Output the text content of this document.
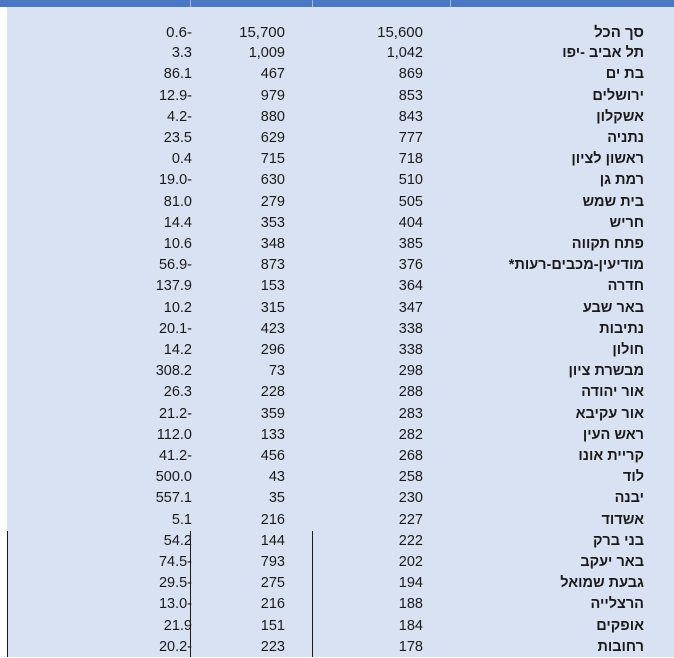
0.6-	15,700	15,600	סך הכל
3.3	1,009	1,042	תל אביב -יפו
86.1	467	869	בת ים
12.9-	979	853	ירושלים
4.2-	880	843	אשקלון
23.5	629	777	נתניה
0.4	715	718	ראשון לציון
19.0-	630	510	רמת גן
81.0	279	505	בית שמש
14.4	353	404	חריש
10.6	348	385	פתח תקווה
56.9-	873	376	מודיעין-מכבים-רעות*
137.9	153	364	חדרה
10.2	315	347	באר שבע
20.1-	423	338	נתיבות
14.2	296	338	חולון
308.2	73	298	מבשרת ציון
26.3	228	288	אור יהודה
21.2-	359	283	אור עקיבא
112.0	133	282	ראש העין
41.2-	456	268	קריית אונו
500.0	43	258	לוד
557.1	35	230	יבנה
5.1	216	227	אשדוד
54.2	144	222	בני ברק
74.5-	793	202	באר יעקב
29.5-	275	194	גבעת שמואל
13.0-	216	188	הרצלייה
21.9	151	184	אופקים
20.2-	223	178	רחובות
